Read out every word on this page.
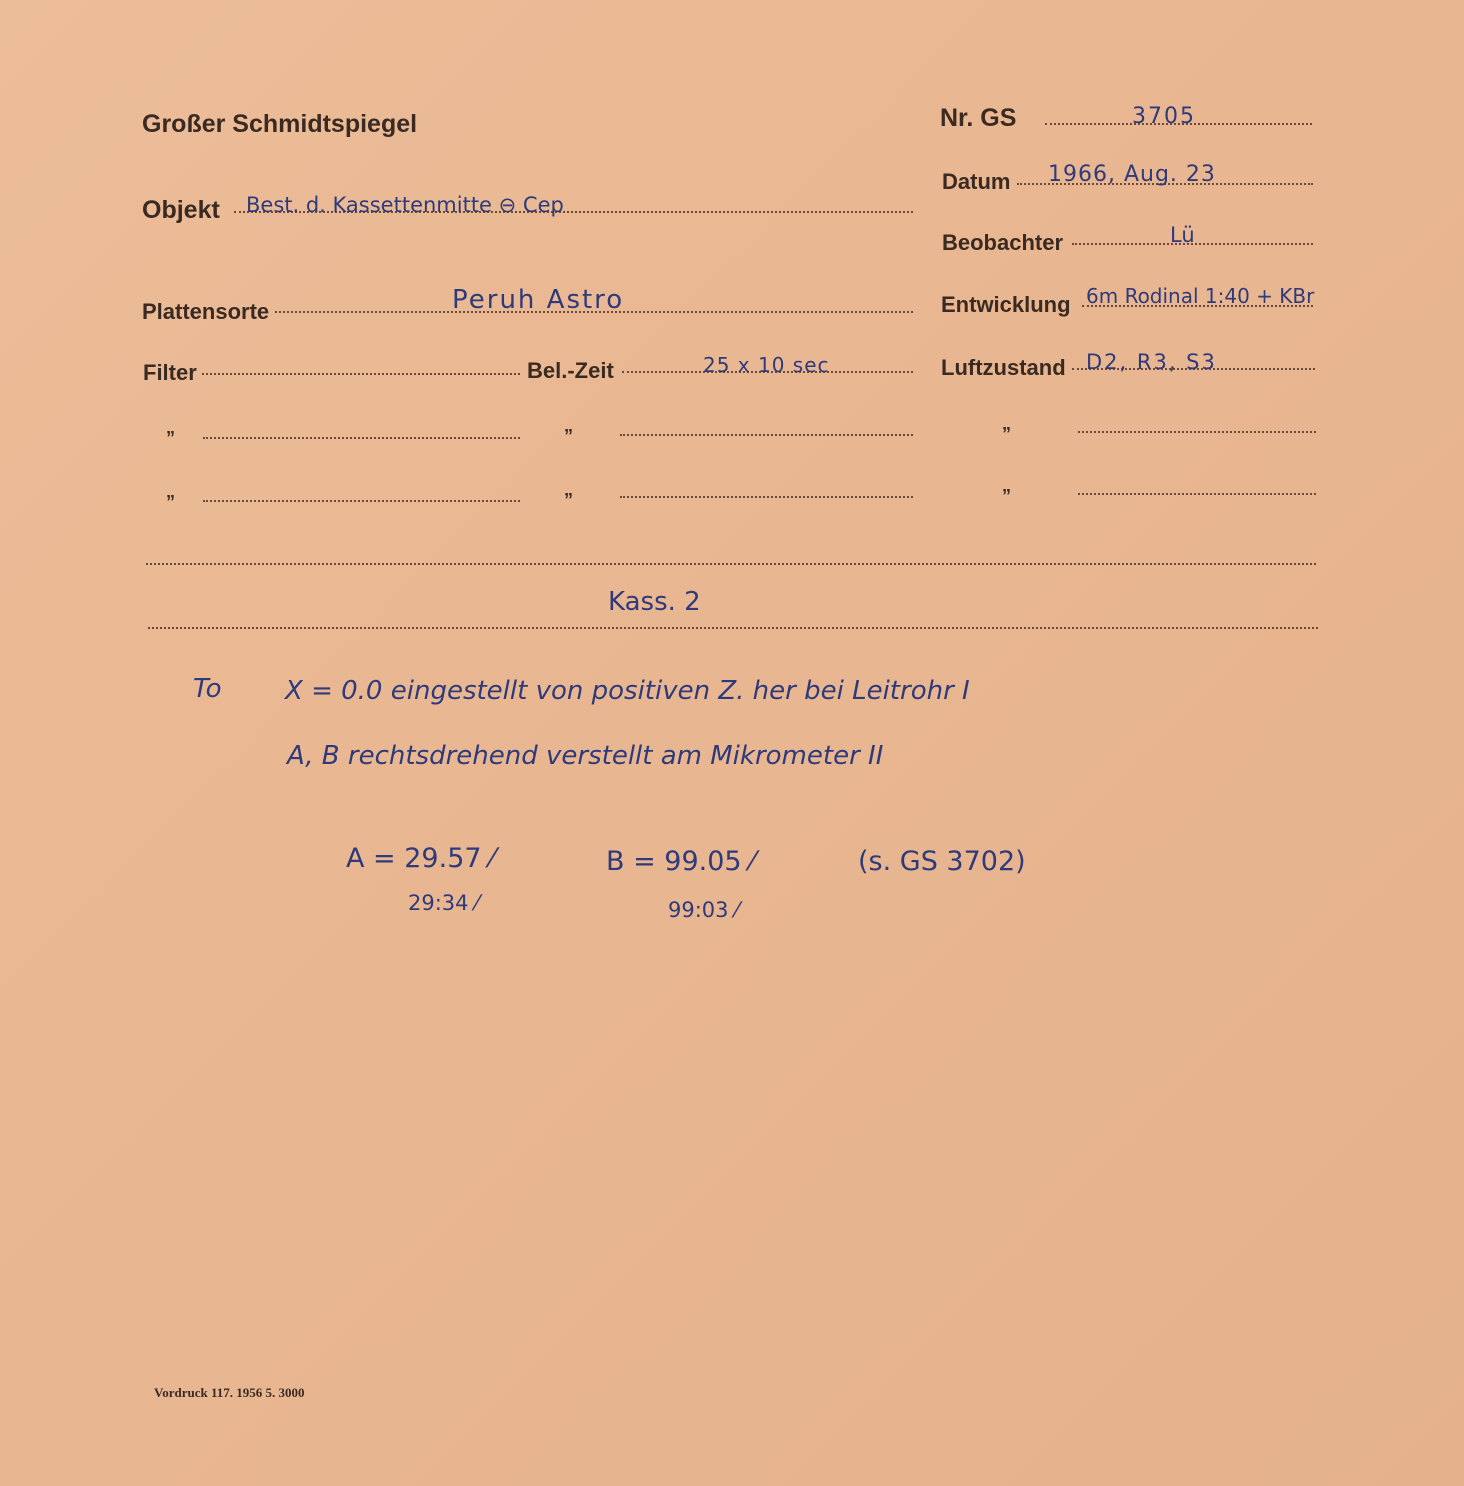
Großer Schmidtspiegel	Nr. GS	3705
Datum 1966, Aug. 23
Objekt Best. d. Kassettenmitte ⊖ Cep
Beobachter	Lü
Plattensorte	Peruh Astro	Entwicklung 6m Rodinal 1:40 + KBr
Filter	Bel.-Zeit	25 x 10 sec	Luftzustand D2, R3, S3
”	”	”
”	”	”
Kass. 2
To X = 0.0 eingestellt von positiven Z. her bei Leitrohr I
A, B rechtsdrehend verstellt am Mikrometer II
A = 29.57 ⁄
29:34 ⁄
B = 99.05 ⁄
99:03 ⁄
(s. GS 3702)
Vordruck 117. 1956 5. 3000
